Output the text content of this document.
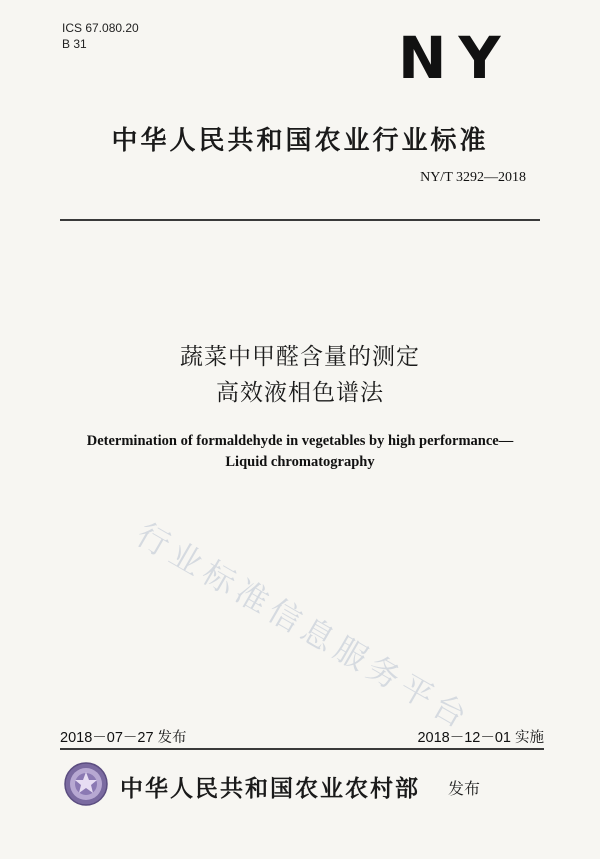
ICS 67.080.20
B 31	NY
中华人民共和国农业行业标准
NY/T 3292—2018
蔬菜中甲醛含量的测定
高效液相色谱法
Determination of formaldehyde in vegetables by high performance—
Liquid chromatography
行业标准信息服务平台
2018－07－27 发布	2018－12－01 实施
中华人民共和国农业农村部 发布
